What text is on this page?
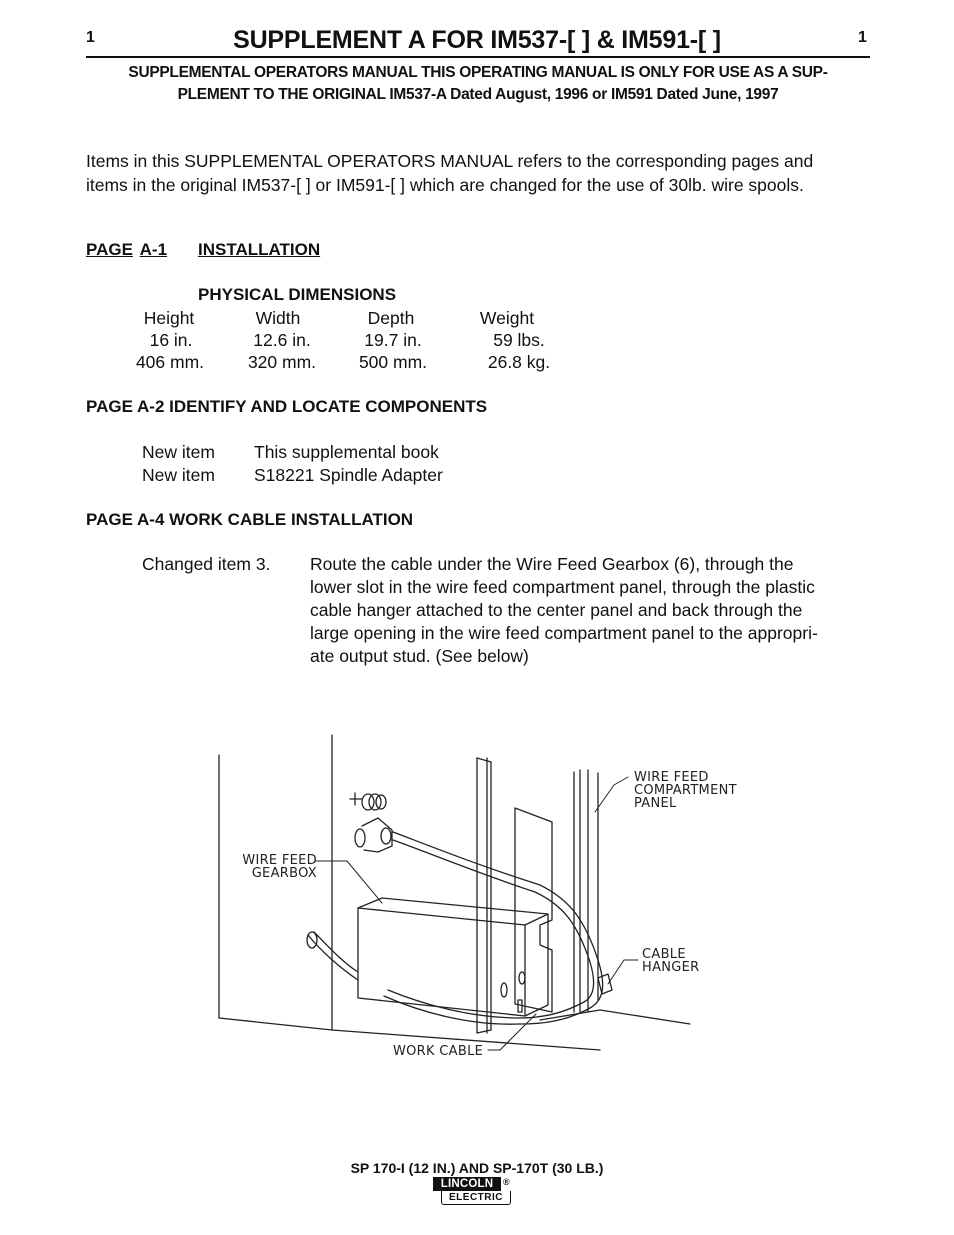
1	1
SUPPLEMENT A FOR IM537-[ ] & IM591-[ ]
SUPPLEMENTAL OPERATORS MANUAL THIS OPERATING MANUAL IS ONLY FOR USE AS A SUP-
PLEMENT TO THE ORIGINAL IM537-A Dated August, 1996 or IM591 Dated June, 1997
Items in this SUPPLEMENTAL OPERATORS MANUAL refers to the corresponding pages and
items in the original IM537-[ ] or IM591-[ ] which are changed for the use of 30lb. wire spools.
PAGE A-1 INSTALLATION
PHYSICAL DIMENSIONS
Height	Width	Depth	Weight
16 in.	12.6 in.	19.7 in.	59 lbs.
406 mm.	320 mm.	500 mm.	26.8 kg.
PAGE A-2 IDENTIFY AND LOCATE COMPONENTS
New item This supplemental book
New item S18221 Spindle Adapter
PAGE A-4 WORK CABLE INSTALLATION
Changed item 3. Route the cable under the Wire Feed Gearbox (6), through the
lower slot in the wire feed compartment panel, through the plastic
cable hanger attached to the center panel and back through the
large opening in the wire feed compartment panel to the appropri-
ate output stud. (See below)
WIRE FEED
COMPARTMENT
PANEL
WIRE FEED
GEARBOX
CABLE
HANGER
WORK CABLE
SP 170-I (12 IN.) AND SP-170T (30 LB.)
LINCOLN
ELECTRIC
®
